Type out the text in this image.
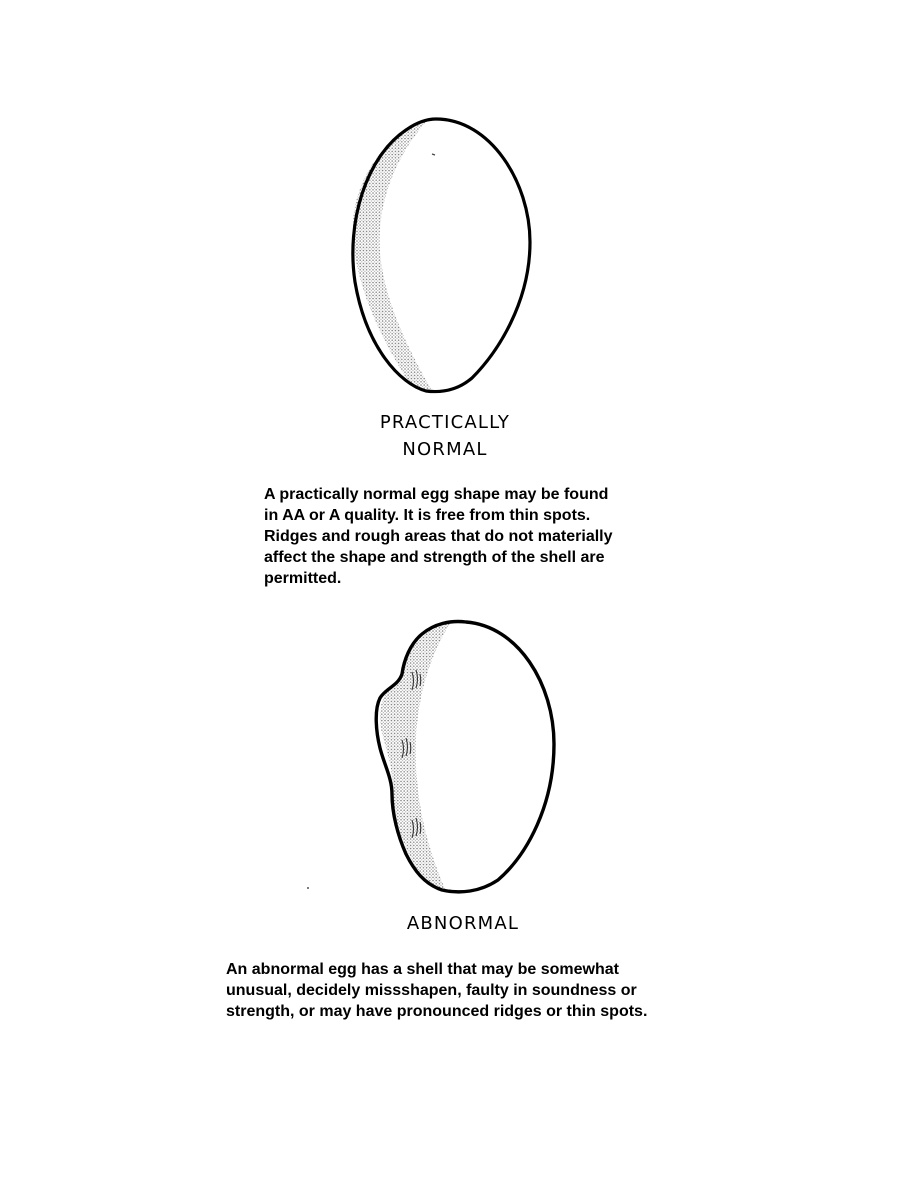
PRACTICALLY
NORMAL
A practically normal egg shape may be found
in AA or A quality. It is free from thin spots.
Ridges and rough areas that do not materially
affect the shape and strength of the shell are
permitted.
ABNORMAL
An abnormal egg has a shell that may be somewhat
unusual, decidely missshapen, faulty in soundness or
strength, or may have pronounced ridges or thin spots.
